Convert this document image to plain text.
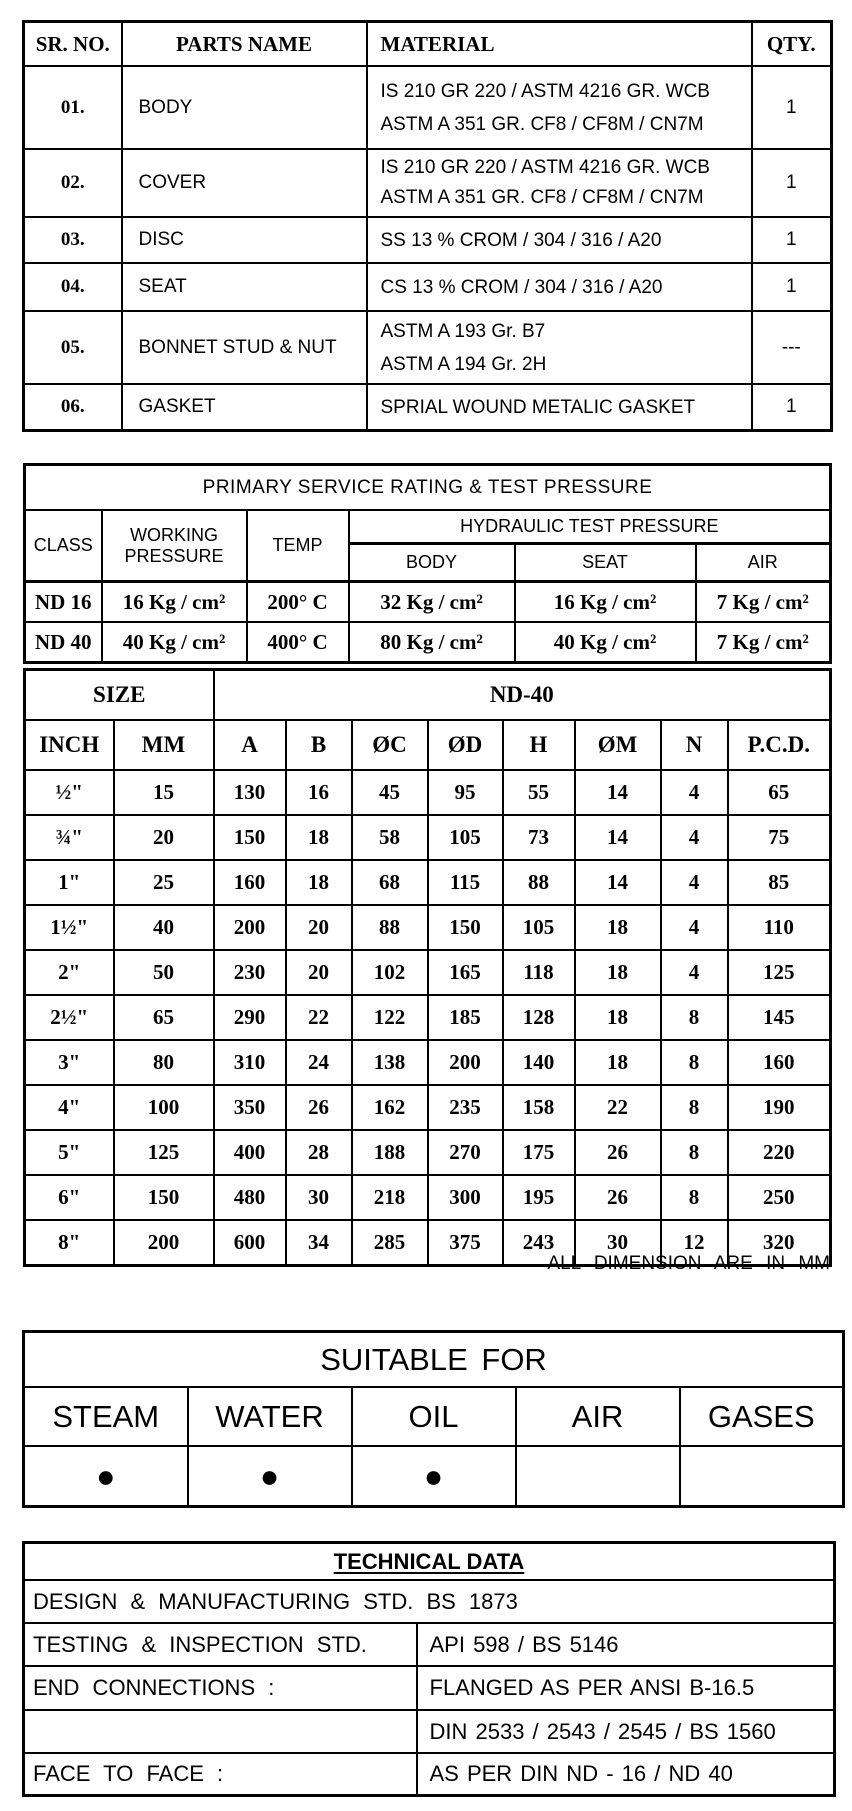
SR. NO.	PARTS NAME	MATERIAL	QTY.
01.	BODY	IS 210 GR 220 / ASTM 4216 GR. WCB
ASTM A 351 GR. CF8 / CF8M / CN7M	1
02.	COVER	IS 210 GR 220 / ASTM 4216 GR. WCB
ASTM A 351 GR. CF8 / CF8M / CN7M	1
03.	DISC	SS 13 % CROM / 304 / 316 / A20	1
04.	SEAT	CS 13 % CROM / 304 / 316 / A20	1
05.	BONNET STUD & NUT	ASTM A 193 Gr. B7
ASTM A 194 Gr. 2H	---
06.	GASKET	SPRIAL WOUND METALIC GASKET	1
PRIMARY SERVICE RATING & TEST PRESSURE					
CLASS	WORKING PRESSURE	TEMP	HYDRAULIC TEST PRESSURE		
			BODY	SEAT	AIR
ND 16	16 Kg / cm²	200° C	32 Kg / cm²	16 Kg / cm²	7 Kg / cm²
ND 40	40 Kg / cm²	400° C	80 Kg / cm²	40 Kg / cm²	7 Kg / cm²
SIZE		ND-40							
INCH	MM	A	B	ØC	ØD	H	ØM	N	P.C.D.
½"	15	130	16	45	95	55	14	4	65
¾"	20	150	18	58	105	73	14	4	75
1"	25	160	18	68	115	88	14	4	85
1½"	40	200	20	88	150	105	18	4	110
2"	50	230	20	102	165	118	18	4	125
2½"	65	290	22	122	185	128	18	8	145
3"	80	310	24	138	200	140	18	8	160
4"	100	350	26	162	235	158	22	8	190
5"	125	400	28	188	270	175	26	8	220
6"	150	480	30	218	300	195	26	8	250
8"	200	600	34	285	375	243	30	12	320
ALL DIMENSION ARE IN MM
SUITABLE FOR				
STEAM	WATER	OIL	AIR	GASES
●	●	●		
TECHNICAL DATA	
DESIGN & MANUFACTURING STD. BS 1873	
TESTING & INSPECTION STD.	API 598 / BS 5146
END CONNECTIONS :	FLANGED AS PER ANSI B-16.5
	DIN 2533 / 2543 / 2545 / BS 1560
FACE TO FACE :	AS PER DIN ND - 16 / ND 40
